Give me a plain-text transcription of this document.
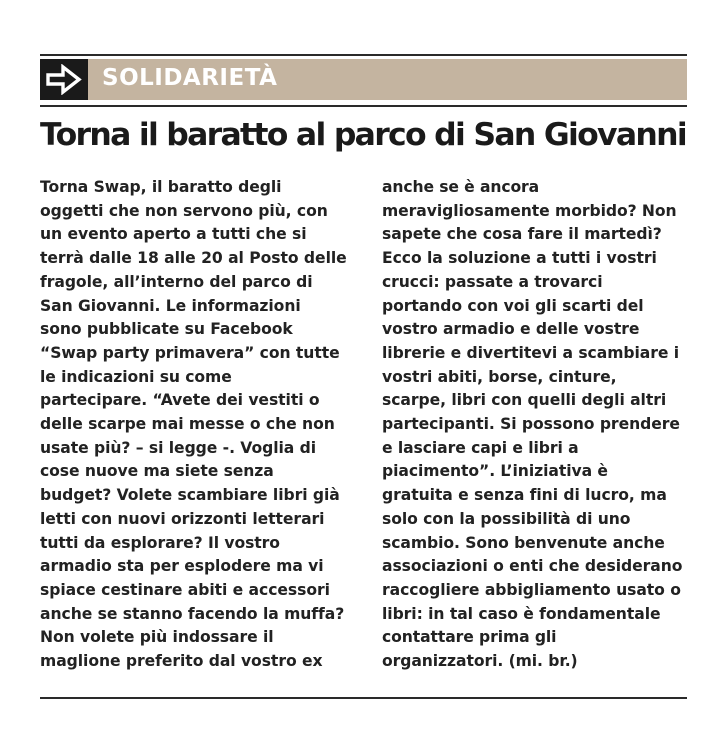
SOLIDARIETÀ
Torna il baratto al parco di San Giovanni
Torna Swap, il baratto degli
oggetti che non servono più, con
un evento aperto a tutti che si
terrà dalle 18 alle 20 al Posto delle
fragole, all’interno del parco di
San Giovanni. Le informazioni
sono pubblicate su Facebook
“Swap party primavera” con tutte
le indicazioni su come
partecipare. “Avete dei vestiti o
delle scarpe mai messe o che non
usate più? – si legge -. Voglia di
cose nuove ma siete senza
budget? Volete scambiare libri già
letti con nuovi orizzonti letterari
tutti da esplorare? Il vostro
armadio sta per esplodere ma vi
spiace cestinare abiti e accessori
anche se stanno facendo la muffa?
Non volete più indossare il
maglione preferito dal vostro ex
anche se è ancora
meravigliosamente morbido? Non
sapete che cosa fare il martedì?
Ecco la soluzione a tutti i vostri
crucci: passate a trovarci
portando con voi gli scarti del
vostro armadio e delle vostre
librerie e divertitevi a scambiare i
vostri abiti, borse, cinture,
scarpe, libri con quelli degli altri
partecipanti. Si possono prendere
e lasciare capi e libri a
piacimento”. L’iniziativa è
gratuita e senza fini di lucro, ma
solo con la possibilità di uno
scambio. Sono benvenute anche
associazioni o enti che desiderano
raccogliere abbigliamento usato o
libri: in tal caso è fondamentale
contattare prima gli
organizzatori. (mi. br.)
